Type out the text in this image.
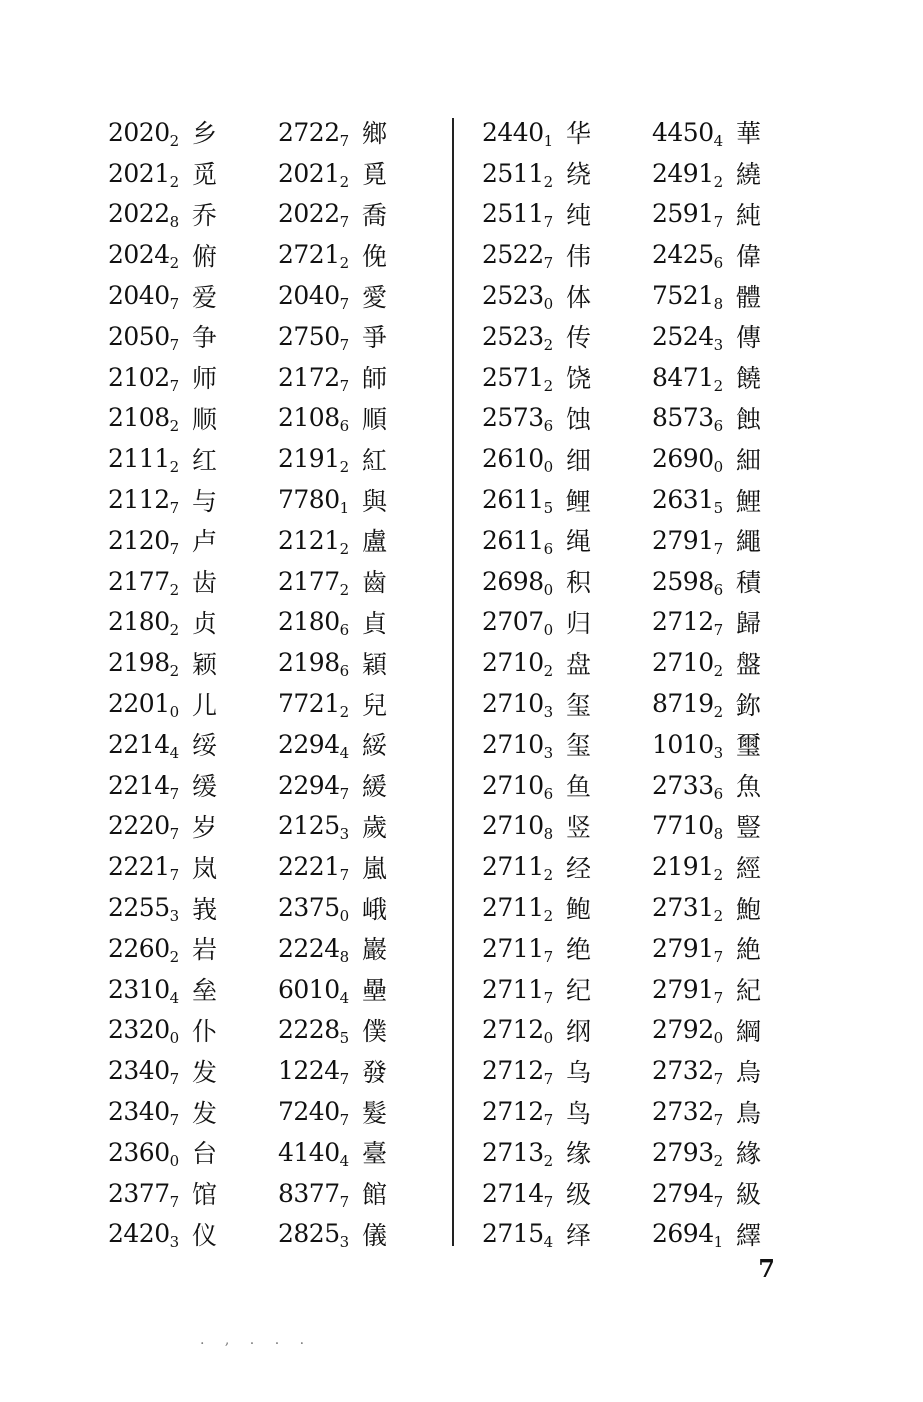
$2020_2$ 乡
$2021_2$ 觅
$2022_8$ 乔
$2024_2$ 俯
$2040_7$ 爱
$2050_7$ 争
$2102_7$ 师
$2108_2$ 顺
$2111_2$ 红
$2112_7$ 与
$2120_7$ 卢
$2177_2$ 齿
$2180_2$ 贞
$2198_2$ 颖
$2201_0$ 儿
$2214_4$ 绥
$2214_7$ 缓
$2220_7$ 岁
$2221_7$ 岚
$2255_3$ 峩
$2260_2$ 岩
$2310_4$ 垒
$2320_0$ 仆
$2340_7$ 发
$2340_7$ 发
$2360_0$ 台
$2377_7$ 馆
$2420_3$ 仪
$2722_7$ 鄉
$2021_2$ 覓
$2022_7$ 喬
$2721_2$ 俛
$2040_7$ 愛
$2750_7$ 爭
$2172_7$ 師
$2108_6$ 順
$2191_2$ 紅
$7780_1$ 與
$2121_2$ 盧
$2177_2$ 齒
$2180_6$ 貞
$2198_6$ 穎
$7721_2$ 兒
$2294_4$ 綏
$2294_7$ 緩
$2125_3$ 歲
$2221_7$ 嵐
$2375_0$ 峨
$2224_8$ 巖
$6010_4$ 壘
$2228_5$ 僕
$1224_7$ 發
$7240_7$ 髮
$4140_4$ 臺
$8377_7$ 館
$2825_3$ 儀
$2440_1$ 华
$2511_2$ 绕
$2511_7$ 纯
$2522_7$ 伟
$2523_0$ 体
$2523_2$ 传
$2571_2$ 饶
$2573_6$ 蚀
$2610_0$ 细
$2611_5$ 鲤
$2611_6$ 绳
$2698_0$ 积
$2707_0$ 归
$2710_2$ 盘
$2710_3$ 玺
$2710_3$ 玺
$2710_6$ 鱼
$2710_8$ 竖
$2711_2$ 经
$2711_2$ 鲍
$2711_7$ 绝
$2711_7$ 纪
$2712_0$ 纲
$2712_7$ 乌
$2712_7$ 鸟
$2713_2$ 缘
$2714_7$ 级
$2715_4$ 绎
$4450_4$ 華
$2491_2$ 繞
$2591_7$ 純
$2425_6$ 偉
$7521_8$ 體
$2524_3$ 傳
$8471_2$ 饒
$8573_6$ 蝕
$2690_0$ 細
$2631_5$ 鯉
$2791_7$ 繩
$2598_6$ 積
$2712_7$ 歸
$2710_2$ 盤
$8719_2$ 鉨
$1010_3$ 璽
$2733_6$ 魚
$7710_8$ 豎
$2191_2$ 經
$2731_2$ 鮑
$2791_7$ 絶
$2791_7$ 紀
$2792_0$ 綱
$2732_7$ 烏
$2732_7$ 鳥
$2793_2$ 緣
$2794_7$ 級
$2694_1$ 繹
7
. , . . .
